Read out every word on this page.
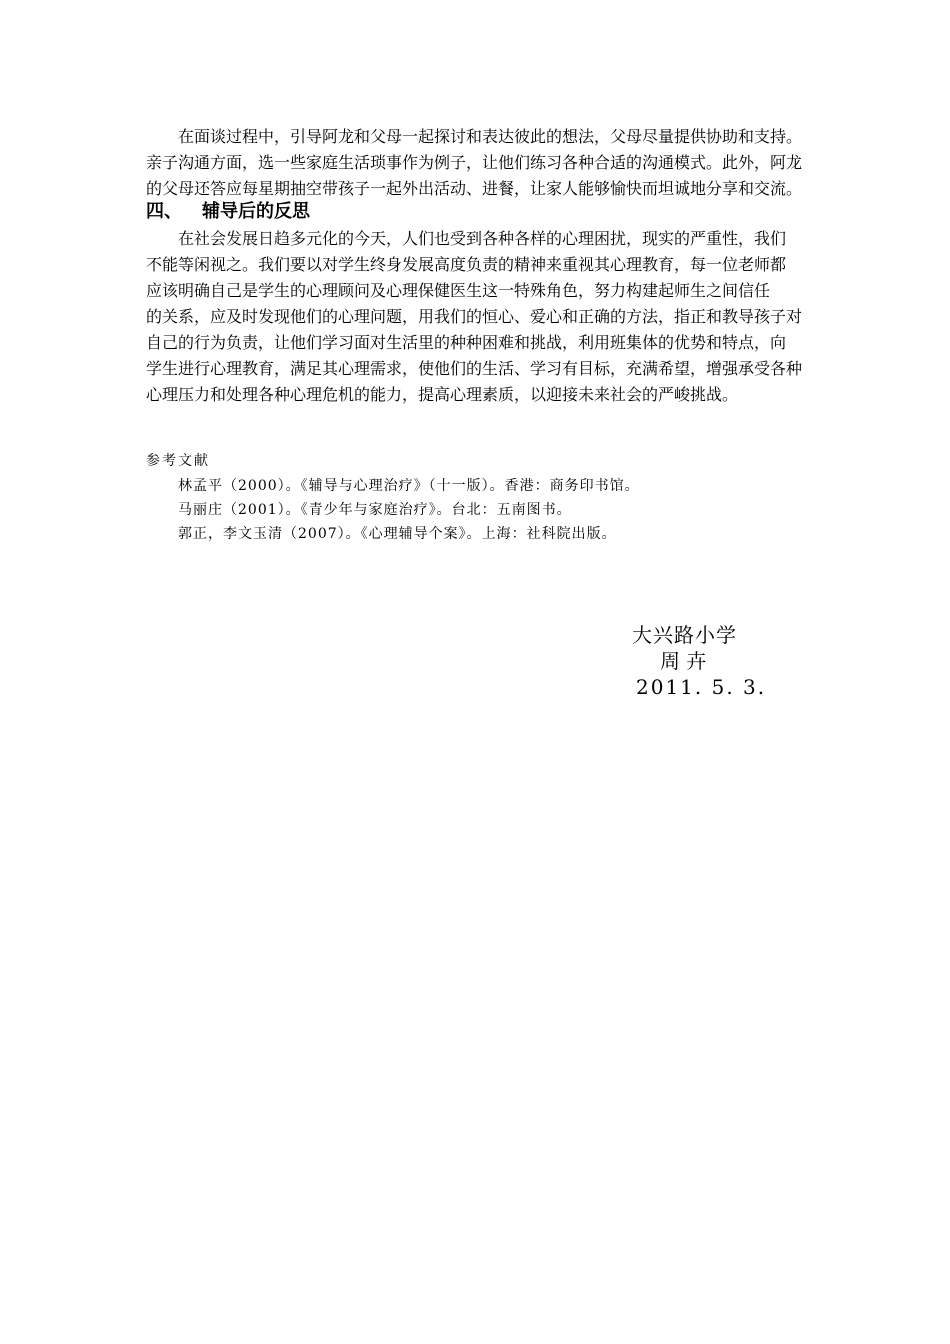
在面谈过程中，引导阿龙和父母一起探讨和表达彼此的想法，父母尽量提供协助和支持。
亲子沟通方面，选一些家庭生活琐事作为例子，让他们练习各种合适的沟通模式。此外，阿龙
的父母还答应每星期抽空带孩子一起外出活动、进餐，让家人能够愉快而坦诚地分享和交流。

四、 辅导后的反思

在社会发展日趋多元化的今天，人们也受到各种各样的心理困扰，现实的严重性，我们
不能等闲视之。我们要以对学生终身发展高度负责的精神来重视其心理教育，每一位老师都
应该明确自己是学生的心理顾问及心理保健医生这一特殊角色，努力构建起师生之间信任
的关系，应及时发现他们的心理问题，用我们的恒心、爱心和正确的方法，指正和教导孩子对
自己的行为负责，让他们学习面对生活里的种种困难和挑战，利用班集体的优势和特点，向
学生进行心理教育，满足其心理需求，使他们的生活、学习有目标，充满希望，增强承受各种
心理压力和处理各种心理危机的能力，提高心理素质，以迎接未来社会的严峻挑战。

参考文献
林孟平（2000）。《辅导与心理治疗》（十一版）。香港：商务印书馆。
马丽庄（2001）。《青少年与家庭治疗》。台北：五南图书。
郭正，李文玉清（2007）。《心理辅导个案》。上海：社科院出版。
大兴路小学
周 卉
2011. 5. 3.
